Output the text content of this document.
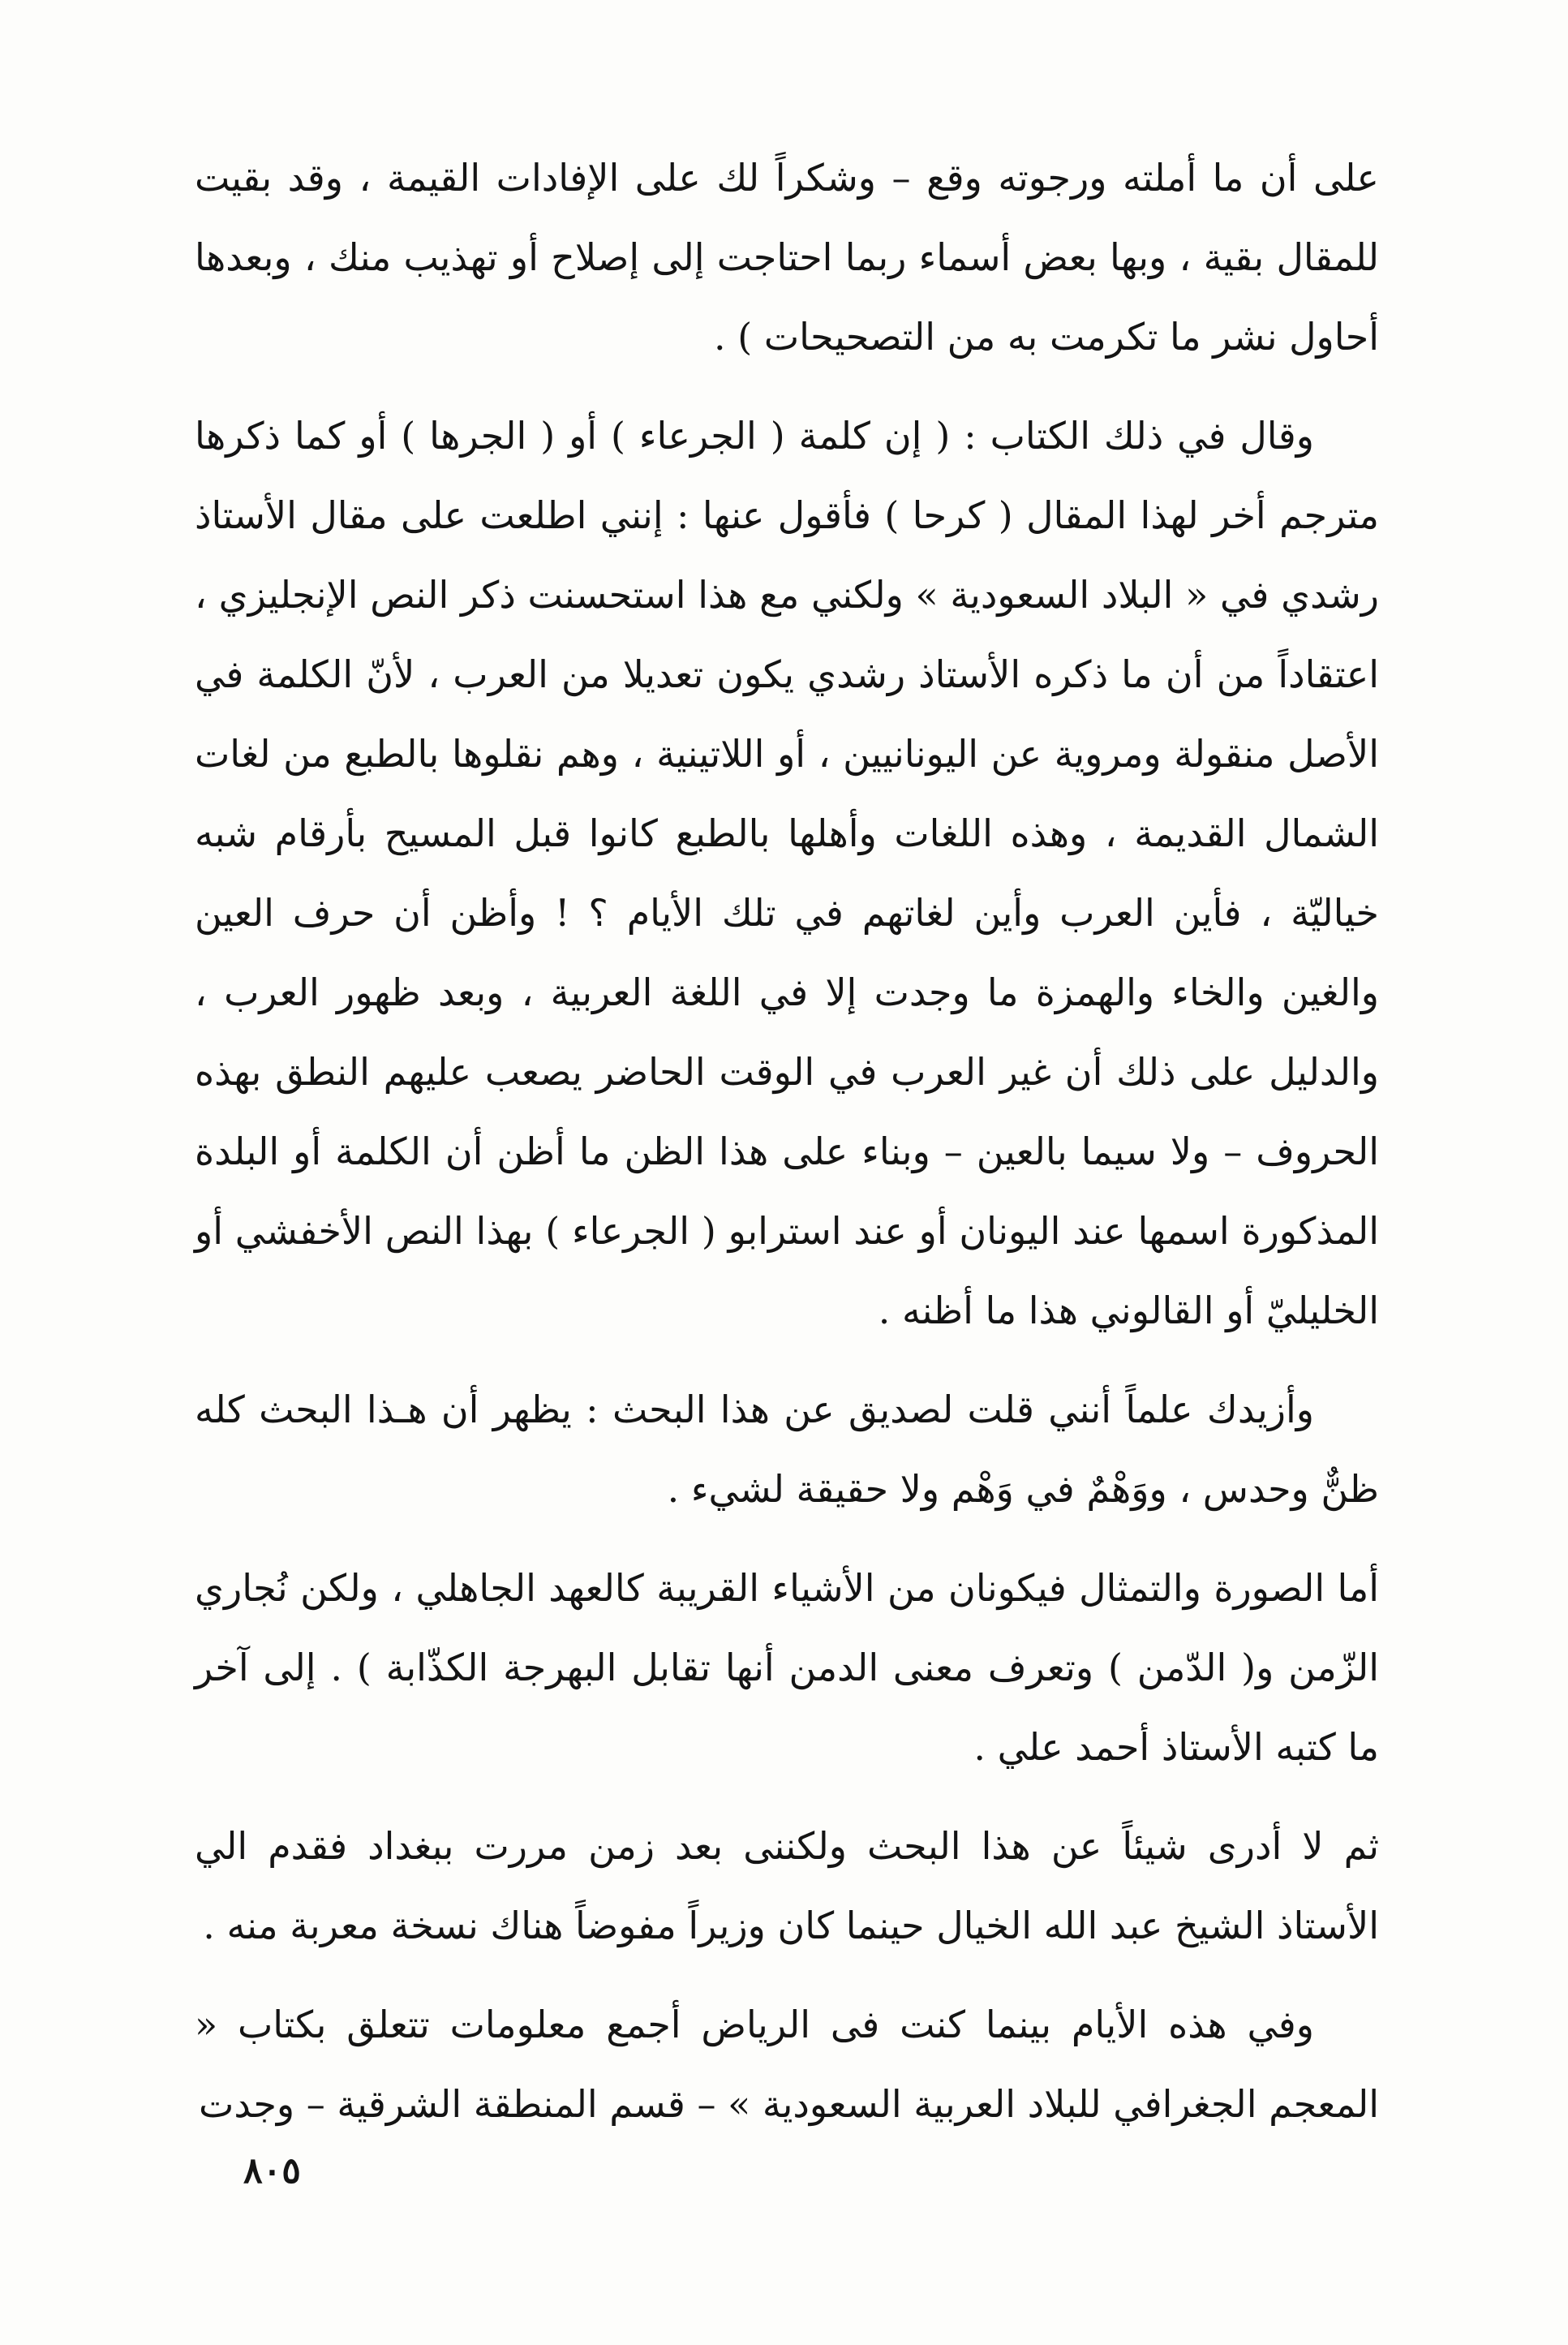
على أن ما أملته ورجوته وقع – وشكراً لك على الإفادات القيمة ، وقد بقيت للمقال بقية ، وبها بعض أسماء ربما احتاجت إلى إصلاح أو تهذيب منك ، وبعدها أحاول نشر ما تكرمت به من التصحيحات ) .

وقال في ذلك الكتاب : ( إن كلمة ( الجرعاء ) أو ( الجرها ) أو كما ذكرها مترجم أخر لهذا المقال ( كرحا ) فأقول عنها : إنني اطلعت على مقال الأستاذ رشدي في « البلاد السعودية » ولكني مع هذا استحسنت ذكر النص الإنجليزي ، اعتقاداً من أن ما ذكره الأستاذ رشدي يكون تعديلا من العرب ، لأنّ الكلمة في الأصل منقولة ومروية عن اليونانيين ، أو اللاتينية ، وهم نقلوها بالطبع من لغات الشمال القديمة ، وهذه اللغات وأهلها بالطبع كانوا قبل المسيح بأرقام شبه خياليّة ، فأين العرب وأين لغاتهم في تلك الأيام ؟ ! وأظن أن حرف العين والغين والخاء والهمزة ما وجدت إلا في اللغة العربية ، وبعد ظهور العرب ، والدليل على ذلك أن غير العرب في الوقت الحاضر يصعب عليهم النطق بهذه الحروف – ولا سيما بالعين – وبناء على هذا الظن ما أظن أن الكلمة أو البلدة المذكورة اسمها عند اليونان أو عند استرابو ( الجرعاء ) بهذا النص الأخفشي أو الخليليّ أو القالوني هذا ما أظنه .

وأزيدك علماً أنني قلت لصديق عن هذا البحث : يظهر أن هـذا البحث كله ظنٌّ وحدس ، ووَهْمٌ في وَهْم ولا حقيقة لشيء .

أما الصورة والتمثال فيكونان من الأشياء القريبة كالعهد الجاهلي ، ولكن نُجاري الزّمن و( الدّمن ) وتعرف معنى الدمن أنها تقابل البهرجة الكذّابة ) . إلى آخر ما كتبه الأستاذ أحمد علي .

ثم لا أدرى شيئاً عن هذا البحث ولكننى بعد زمن مررت ببغداد فقدم الي الأستاذ الشيخ عبد الله الخيال حينما كان وزيراً مفوضاً هناك نسخة معربة منه .

وفي هذه الأيام بينما كنت فى الرياض أجمع معلومات تتعلق بكتاب « المعجم الجغرافي للبلاد العربية السعودية » – قسم المنطقة الشرقية – وجدت

٨٠٥
